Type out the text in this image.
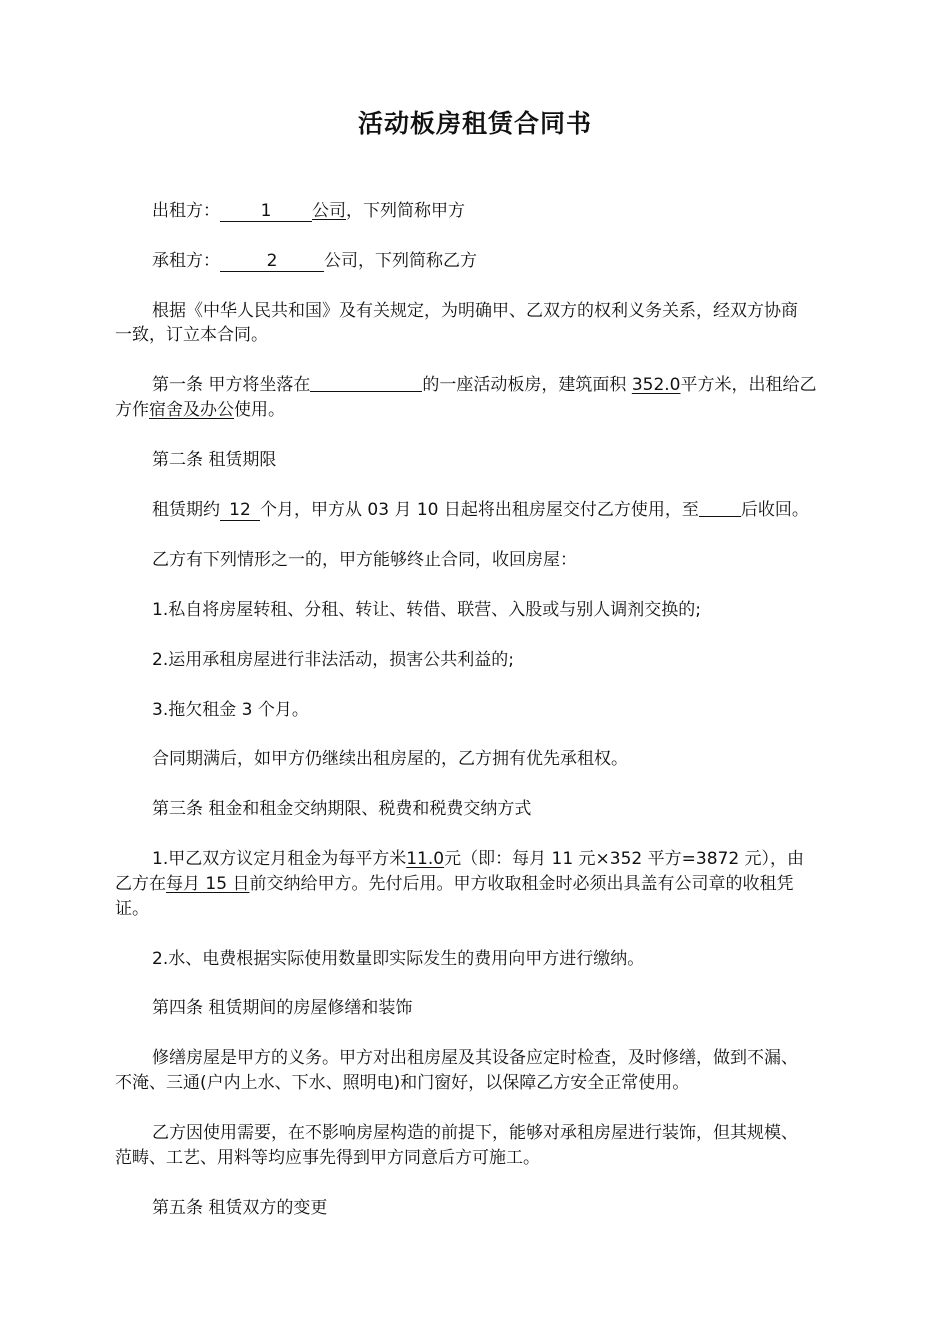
活动板房租赁合同书
出租方： 1 公司，下列简称甲方
承租方：	2	公司，下列简称乙方
根据《中华人民共和国》及有关规定，为明确甲、乙双方的权利义务关系，经双方协商
一致，订立本合同。
第一条 甲方将坐落在	的一座活动板房，建筑面积 352.0平方米，出租给乙
方作宿舍及办公使用。
第二条 租赁期限
租赁期约 12 个月，甲方从 03 月 10 日起将出租房屋交付乙方使用，至 后收回。
乙方有下列情形之一的，甲方能够终止合同，收回房屋：
1.私自将房屋转租、分租、转让、转借、联营、入股或与别人调剂交换的;
2.运用承租房屋进行非法活动，损害公共利益的;
3.拖欠租金 3 个月。
合同期满后，如甲方仍继续出租房屋的，乙方拥有优先承租权。
第三条 租金和租金交纳期限、税费和税费交纳方式
1.甲乙双方议定月租金为每平方米11.0元（即：每月 11 元×352 平方=3872 元），由
乙方在每月 15 日前交纳给甲方。先付后用。甲方收取租金时必须出具盖有公司章的收租凭
证。
2.水、电费根据实际使用数量即实际发生的费用向甲方进行缴纳。
第四条 租赁期间的房屋修缮和装饰
修缮房屋是甲方的义务。甲方对出租房屋及其设备应定时检查，及时修缮，做到不漏、
不淹、三通(户内上水、下水、照明电)和门窗好，以保障乙方安全正常使用。
乙方因使用需要，在不影响房屋构造的前提下，能够对承租房屋进行装饰，但其规模、
范畴、工艺、用料等均应事先得到甲方同意后方可施工。
第五条 租赁双方的变更
